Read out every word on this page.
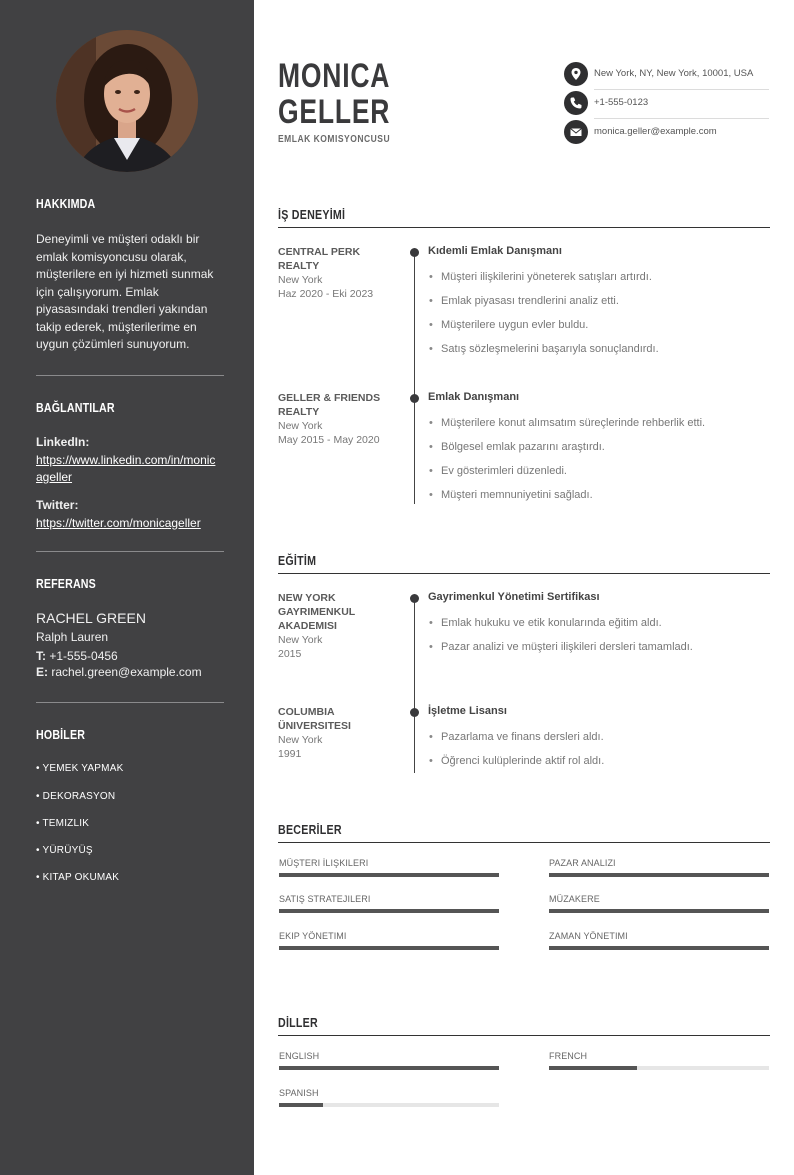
HAKKIMDA
Deneyimli ve müşteri odaklı bir emlak komisyoncusu olarak, müşterilere en iyi hizmeti sunmak için çalışıyorum. Emlak piyasasındaki trendleri yakından takip ederek, müşterilerime en uygun çözümleri sunuyorum.
BAĞLANTILAR
LinkedIn:
https://www.linkedin.com/in/monicageller
Twitter:
https://twitter.com/monicageller
REFERANS
RACHEL GREEN
Ralph Lauren
T: +1-555-0456
E: rachel.green@example.com
HOBİLER
• YEMEK YAPMAK
• DEKORASYON
• TEMIZLIK
• YÜRÜYÜŞ
• KITAP OKUMAK
MONICA
GELLER
EMLAK KOMISYONCUSU
New York, NY, New York, 10001, USA
+1-555-0123
monica.geller@example.com
İŞ DENEYİMİ
CENTRAL PERK REALTY
New York
Haz 2020 - Eki 2023
Kıdemli Emlak Danışmanı
• Müşteri ilişkilerini yöneterek satışları artırdı.
• Emlak piyasası trendlerini analiz etti.
• Müşterilere uygun evler buldu.
• Satış sözleşmelerini başarıyla sonuçlandırdı.
GELLER & FRIENDS REALTY
New York
May 2015 - May 2020
Emlak Danışmanı
• Müşterilere konut alımsatım süreçlerinde rehberlik etti.
• Bölgesel emlak pazarını araştırdı.
• Ev gösterimleri düzenledi.
• Müşteri memnuniyetini sağladı.
EĞİTİM
NEW YORK GAYRIMENKUL AKADEMISI
New York
2015
Gayrimenkul Yönetimi Sertifikası
• Emlak hukuku ve etik konularında eğitim aldı.
• Pazar analizi ve müşteri ilişkileri dersleri tamamladı.
COLUMBIA ÜNIVERSITESI
New York
1991
İşletme Lisansı
• Pazarlama ve finans dersleri aldı.
• Öğrenci kulüplerinde aktif rol aldı.
BECERİLER
MÜŞTERI İLIŞKILERI	PAZAR ANALIZI
SATIŞ STRATEJILERI	MÜZAKERE
EKIP YÖNETIMI	ZAMAN YÖNETIMI
DİLLER
ENGLISH	FRENCH
SPANISH
